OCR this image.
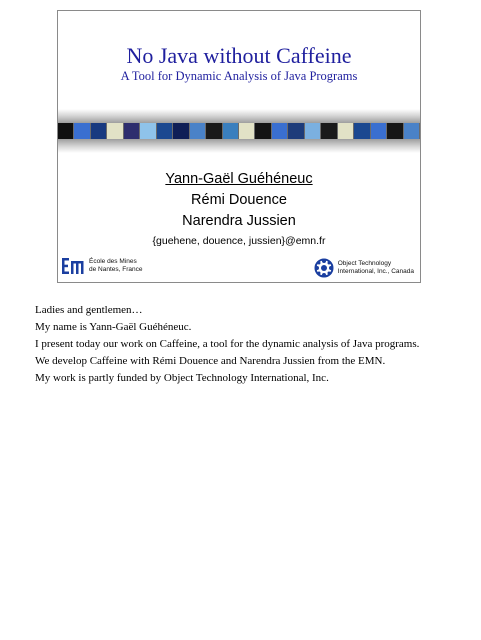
No Java without Caffeine
A Tool for Dynamic Analysis of Java Programs
Yann-Gaël Guéhéneuc
Rémi Douence
Narendra Jussien
{guehene, douence, jussien}@emn.fr
École des Mines
de Nantes, France
Object Technology
International, Inc., Canada

Ladies and gentlemen…

My name is Yann-Gaël Guéhéneuc.

I present today our work on Caffeine, a tool for the dynamic analysis of Java programs.

We develop Caffeine with Rémi Douence and Narendra Jussien from the EMN.

My work is partly funded by Object Technology International, Inc.
